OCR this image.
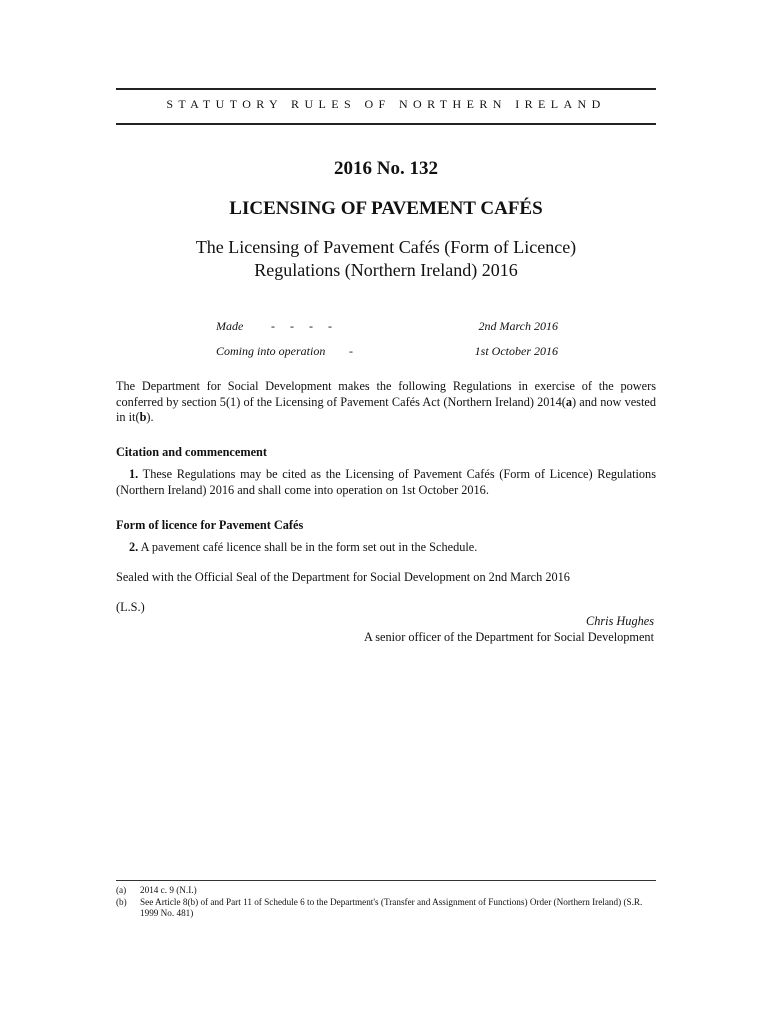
STATUTORY RULES OF NORTHERN IRELAND
2016 No. 132
LICENSING OF PAVEMENT CAFÉS
The Licensing of Pavement Cafés (Form of Licence)
Regulations (Northern Ireland) 2016
Made -     -     -     -	2nd March 2016
Coming into operation -	1st October 2016
The Department for Social Development makes the following Regulations in exercise of the powers conferred by section 5(1) of the Licensing of Pavement Cafés Act (Northern Ireland) 2014(a) and now vested in it(b).
Citation and commencement
1. These Regulations may be cited as the Licensing of Pavement Cafés (Form of Licence) Regulations (Northern Ireland) 2016 and shall come into operation on 1st October 2016.
Form of licence for Pavement Cafés
2. A pavement café licence shall be in the form set out in the Schedule.
Sealed with the Official Seal of the Department for Social Development on 2nd March 2016
(L.S.)
Chris Hughes
A senior officer of the Department for Social Development
(a)	2014 c. 9 (N.I.)
(b)	See Article 8(b) of and Part 11 of Schedule 6 to the Department's (Transfer and Assignment of Functions) Order (Northern Ireland) (S.R. 1999 No. 481)
